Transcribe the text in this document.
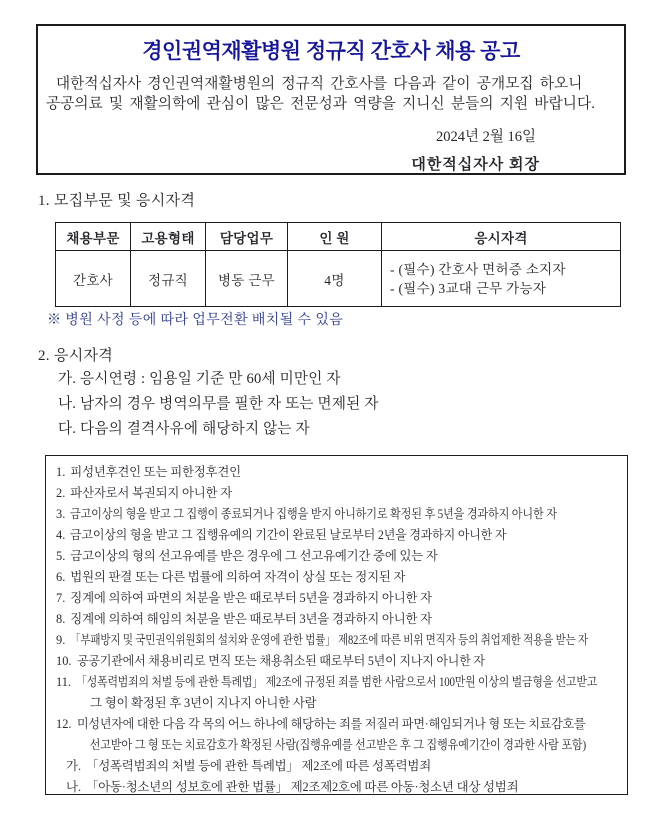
경인권역재활병원 정규직 간호사 채용 공고
대한적십자사 경인권역재활병원의 정규직 간호사를 다음과 같이 공개모집 하오니
공공의료 및 재활의학에 관심이 많은 전문성과 역량을 지니신 분들의 지원 바랍니다.
2024년 2월 16일
대한적십자사 회장
1. 모집부문 및 응시자격
채용부문	고용형태	담당업무	인 원	응시자격
간호사	정규직	병동 근무	4명	- (필수) 간호사 면허증 소지자
- (필수) 3교대 근무 가능자
※ 병원 사정 등에 따라 업무전환 배치될 수 있음
2. 응시자격
가. 응시연령 : 임용일 기준 만 60세 미만인 자
나. 남자의 경우 병역의무를 필한 자 또는 면제된 자
다. 다음의 결격사유에 해당하지 않는 자
1. 피성년후견인 또는 피한정후견인
2. 파산자로서 복권되지 아니한 자
3. 금고이상의 형을 받고 그 집행이 종료되거나 집행을 받지 아니하기로 확정된 후 5년을 경과하지 아니한 자
4. 금고이상의 형을 받고 그 집행유예의 기간이 완료된 날로부터 2년을 경과하지 아니한 자
5. 금고이상의 형의 선고유예를 받은 경우에 그 선고유예기간 중에 있는 자
6. 법원의 판결 또는 다른 법률에 의하여 자격이 상실 또는 정지된 자
7. 징계에 의하여 파면의 처분을 받은 때로부터 5년을 경과하지 아니한 자
8. 징계에 의하여 해임의 처분을 받은 때로부터 3년을 경과하지 아니한 자
9. 「부패방지 및 국민권익위원회의 설치와 운영에 관한 법률」 제82조에 따른 비위 면직자 등의 취업제한 적용을 받는 자
10. 공공기관에서 채용비리로 면직 또는 채용취소된 때로부터 5년이 지나지 아니한 자
11. 「성폭력범죄의 처벌 등에 관한 특례법」 제2조에 규정된 죄를 범한 사람으로서 100만원 이상의 벌금형을 선고받고
그 형이 확정된 후 3년이 지나지 아니한 사람
12. 미성년자에 대한 다음 각 목의 어느 하나에 해당하는 죄를 저질러 파면·해임되거나 형 또는 치료감호를
선고받아 그 형 또는 치료감호가 확정된 사람(집행유예를 선고받은 후 그 집행유예기간이 경과한 사람 포함)
가. 「성폭력범죄의 처벌 등에 관한 특례법」 제2조에 따른 성폭력범죄
나. 「아동·청소년의 성보호에 관한 법률」 제2조제2호에 따른 아동·청소년 대상 성범죄
